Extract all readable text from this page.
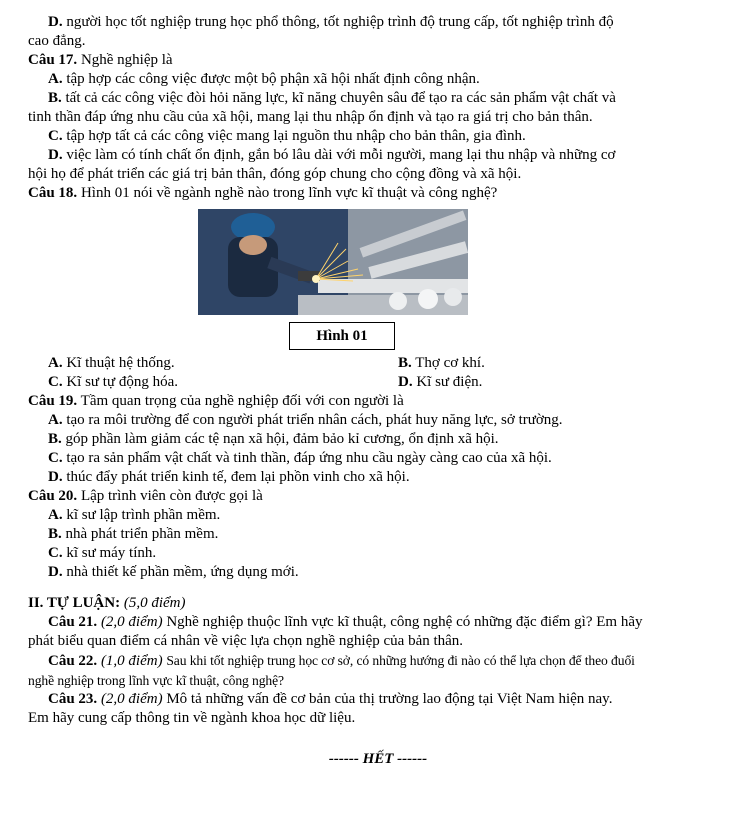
D. người học tốt nghiệp trung học phổ thông, tốt nghiệp trình độ trung cấp, tốt nghiệp trình độ
cao đẳng.
Câu 17. Nghề nghiệp là
A. tập hợp các công việc được một bộ phận xã hội nhất định công nhận.
B. tất cả các công việc đòi hỏi năng lực, kĩ năng chuyên sâu để tạo ra các sản phẩm vật chất và
tinh thần đáp ứng nhu cầu của xã hội, mang lại thu nhập ổn định và tạo ra giá trị cho bản thân.
C. tập hợp tất cả các công việc mang lại nguồn thu nhập cho bản thân, gia đình.
D. việc làm có tính chất ổn định, gắn bó lâu dài với mỗi người, mang lại thu nhập và những cơ
hội họ để phát triển các giá trị bản thân, đóng góp chung cho cộng đồng và xã hội.
Câu 18. Hình 01 nói về ngành nghề nào trong lĩnh vực kĩ thuật và công nghệ?
Hình 01
A. Kĩ thuật hệ thống.	B. Thợ cơ khí.
C. Kĩ sư tự động hóa.	D. Kĩ sư điện.
Câu 19. Tầm quan trọng của nghề nghiệp đối với con người là
A. tạo ra môi trường để con người phát triển nhân cách, phát huy năng lực, sở trường.
B. góp phần làm giảm các tệ nạn xã hội, đảm bảo kỉ cương, ổn định xã hội.
C. tạo ra sản phẩm vật chất và tinh thần, đáp ứng nhu cầu ngày càng cao của xã hội.
D. thúc đẩy phát triển kinh tế, đem lại phồn vinh cho xã hội.
Câu 20. Lập trình viên còn được gọi là
A. kĩ sư lập trình phần mềm.
B. nhà phát triển phần mềm.
C. kĩ sư máy tính.
D. nhà thiết kế phần mềm, ứng dụng mới.
II. TỰ LUẬN: (5,0 điểm)
Câu 21. (2,0 điểm) Nghề nghiệp thuộc lĩnh vực kĩ thuật, công nghệ có những đặc điểm gì? Em hãy
phát biểu quan điểm cá nhân về việc lựa chọn nghề nghiệp của bản thân.
Câu 22. (1,0 điểm) Sau khi tốt nghiệp trung học cơ sở, có những hướng đi nào có thể lựa chọn để theo đuổi
nghề nghiệp trong lĩnh vực kĩ thuật, công nghệ?
Câu 23. (2,0 điểm) Mô tả những vấn đề cơ bản của thị trường lao động tại Việt Nam hiện nay.
Em hãy cung cấp thông tin về ngành khoa học dữ liệu.
------ HẾT ------
